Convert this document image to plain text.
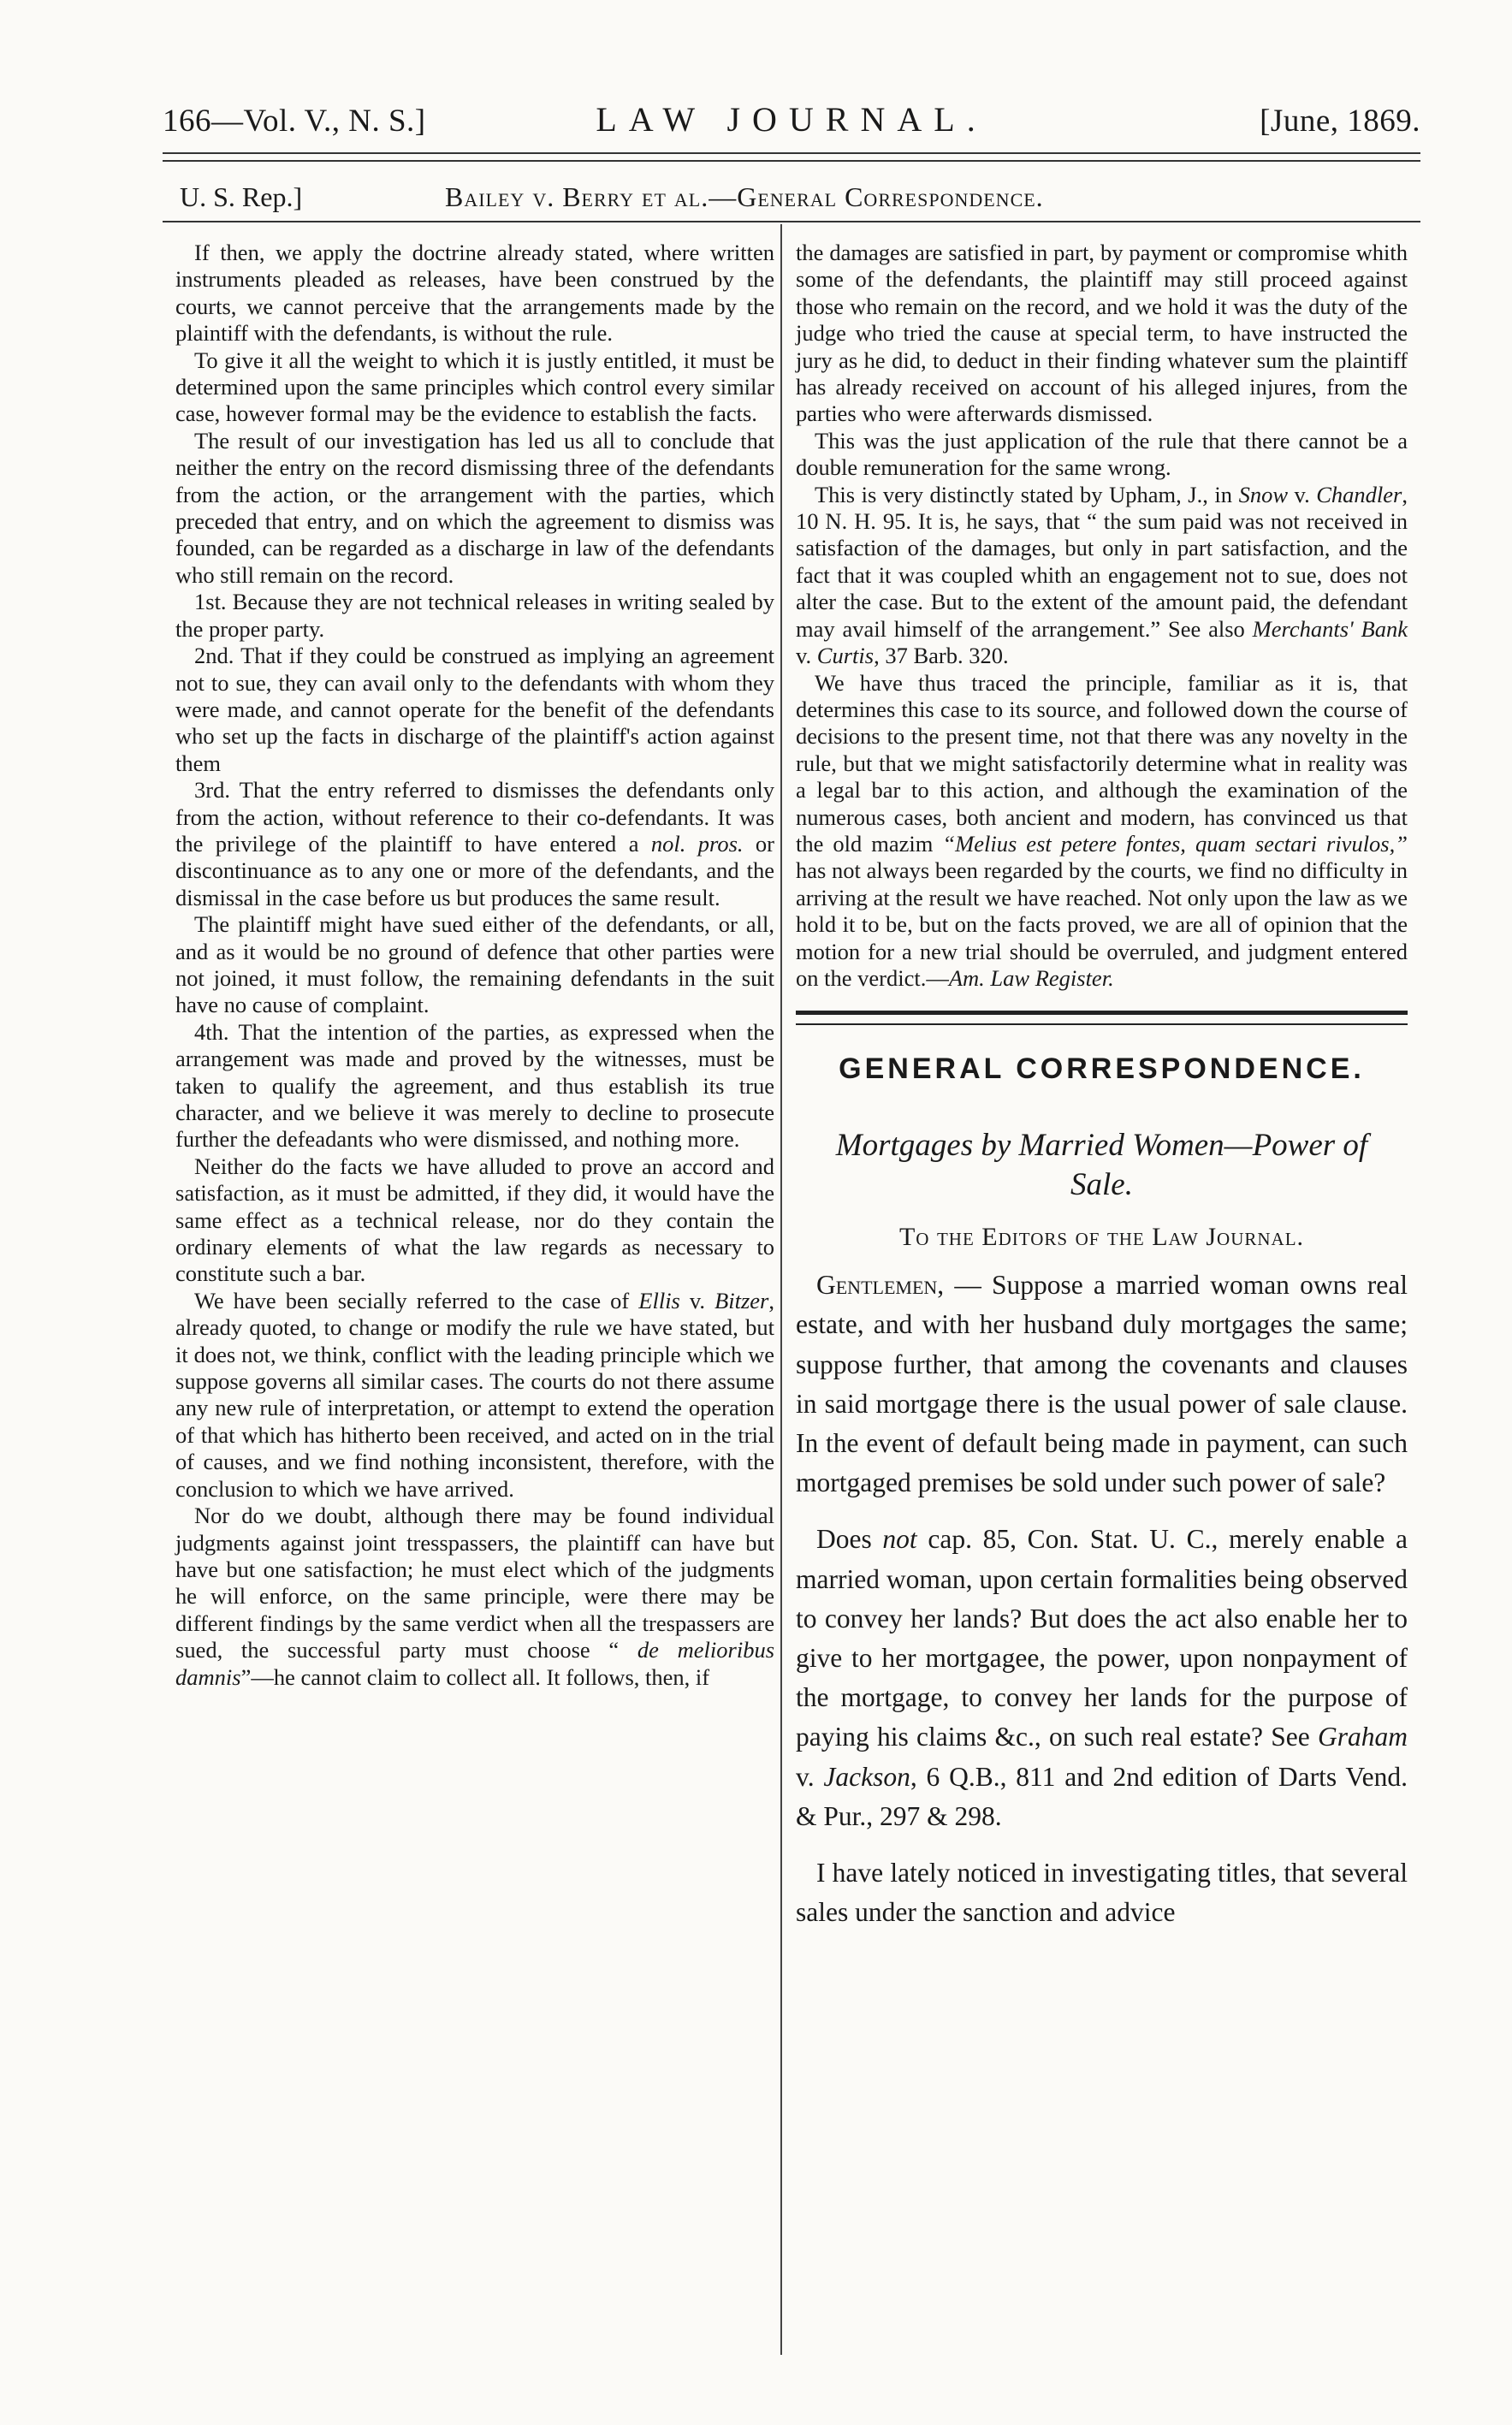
166—Vol. V., N. S.]	LAW JOURNAL.	[June, 1869.
U. S. Rep.]	Bailey v. Berry et al.—General Correspondence.

If then, we apply the doctrine already stated, where written instruments pleaded as releases, have been construed by the courts, we cannot perceive that the arrangements made by the plaintiff with the defendants, is without the rule.

To give it all the weight to which it is justly entitled, it must be determined upon the same principles which control every similar case, however formal may be the evidence to establish the facts.

The result of our investigation has led us all to conclude that neither the entry on the record dismissing three of the defendants from the action, or the arrangement with the parties, which preceded that entry, and on which the agreement to dismiss was founded, can be regarded as a discharge in law of the defendants who still remain on the record.

1st. Because they are not technical releases in writing sealed by the proper party.

2nd. That if they could be construed as implying an agreement not to sue, they can avail only to the defendants with whom they were made, and cannot operate for the benefit of the defendants who set up the facts in discharge of the plaintiff's action against them

3rd. That the entry referred to dismisses the defendants only from the action, without reference to their co-defendants. It was the privilege of the plaintiff to have entered a nol. pros. or discontinuance as to any one or more of the defendants, and the dismissal in the case before us but produces the same result.

The plaintiff might have sued either of the defendants, or all, and as it would be no ground of defence that other parties were not joined, it must follow, the remaining defendants in the suit have no cause of complaint.

4th. That the intention of the parties, as expressed when the arrangement was made and proved by the witnesses, must be taken to qualify the agreement, and thus establish its true character, and we believe it was merely to decline to prosecute further the defeadants who were dismissed, and nothing more.

Neither do the facts we have alluded to prove an accord and satisfaction, as it must be admitted, if they did, it would have the same effect as a technical release, nor do they contain the ordinary elements of what the law regards as necessary to constitute such a bar.

We have been secially referred to the case of Ellis v. Bitzer, already quoted, to change or modify the rule we have stated, but it does not, we think, conflict with the leading principle which we suppose governs all similar cases. The courts do not there assume any new rule of interpretation, or attempt to extend the operation of that which has hitherto been received, and acted on in the trial of causes, and we find nothing inconsistent, therefore, with the conclusion to which we have arrived.

Nor do we doubt, although there may be found individual judgments against joint tresspassers, the plaintiff can have but have but one satisfaction; he must elect which of the judgments he will enforce, on the same principle, were there may be different findings by the same verdict when all the trespassers are sued, the successful party must choose “ de melioribus damnis”—he cannot claim to collect all. It follows, then, if

the damages are satisfied in part, by payment or compromise whith some of the defendants, the plaintiff may still proceed against those who remain on the record, and we hold it was the duty of the judge who tried the cause at special term, to have instructed the jury as he did, to deduct in their finding whatever sum the plaintiff has already received on account of his alleged injures, from the parties who were afterwards dismissed.

This was the just application of the rule that there cannot be a double remuneration for the same wrong.

This is very distinctly stated by Upham, J., in Snow v. Chandler, 10 N. H. 95. It is, he says, that “ the sum paid was not received in satisfaction of the damages, but only in part satisfaction, and the fact that it was coupled whith an engagement not to sue, does not alter the case. But to the extent of the amount paid, the defendant may avail himself of the arrangement.” See also Merchants' Bank v. Curtis, 37 Barb. 320.

We have thus traced the principle, familiar as it is, that determines this case to its source, and followed down the course of decisions to the present time, not that there was any novelty in the rule, but that we might satisfactorily determine what in reality was a legal bar to this action, and although the examination of the numerous cases, both ancient and modern, has convinced us that the old mazim “Melius est petere fontes, quam sectari rivulos,” has not always been regarded by the courts, we find no difficulty in arriving at the result we have reached. Not only upon the law as we hold it to be, but on the facts proved, we are all of opinion that the motion for a new trial should be overruled, and judgment entered on the verdict.—Am. Law Register.

GENERAL CORRESPONDENCE.
Mortgages by Married Women—Power of Sale.
To the Editors of the Law Journal.

Gentlemen, — Suppose a married woman owns real estate, and with her husband duly mortgages the same; suppose further, that among the covenants and clauses in said mortgage there is the usual power of sale clause. In the event of default being made in payment, can such mortgaged premises be sold under such power of sale?

Does not cap. 85, Con. Stat. U. C., merely enable a married woman, upon certain formalities being observed to convey her lands? But does the act also enable her to give to her mortgagee, the power, upon nonpayment of the mortgage, to convey her lands for the purpose of paying his claims &c., on such real estate? See Graham v. Jackson, 6 Q.B., 811 and 2nd edition of Darts Vend. & Pur., 297 & 298.

I have lately noticed in investigating titles, that several sales under the sanction and advice
